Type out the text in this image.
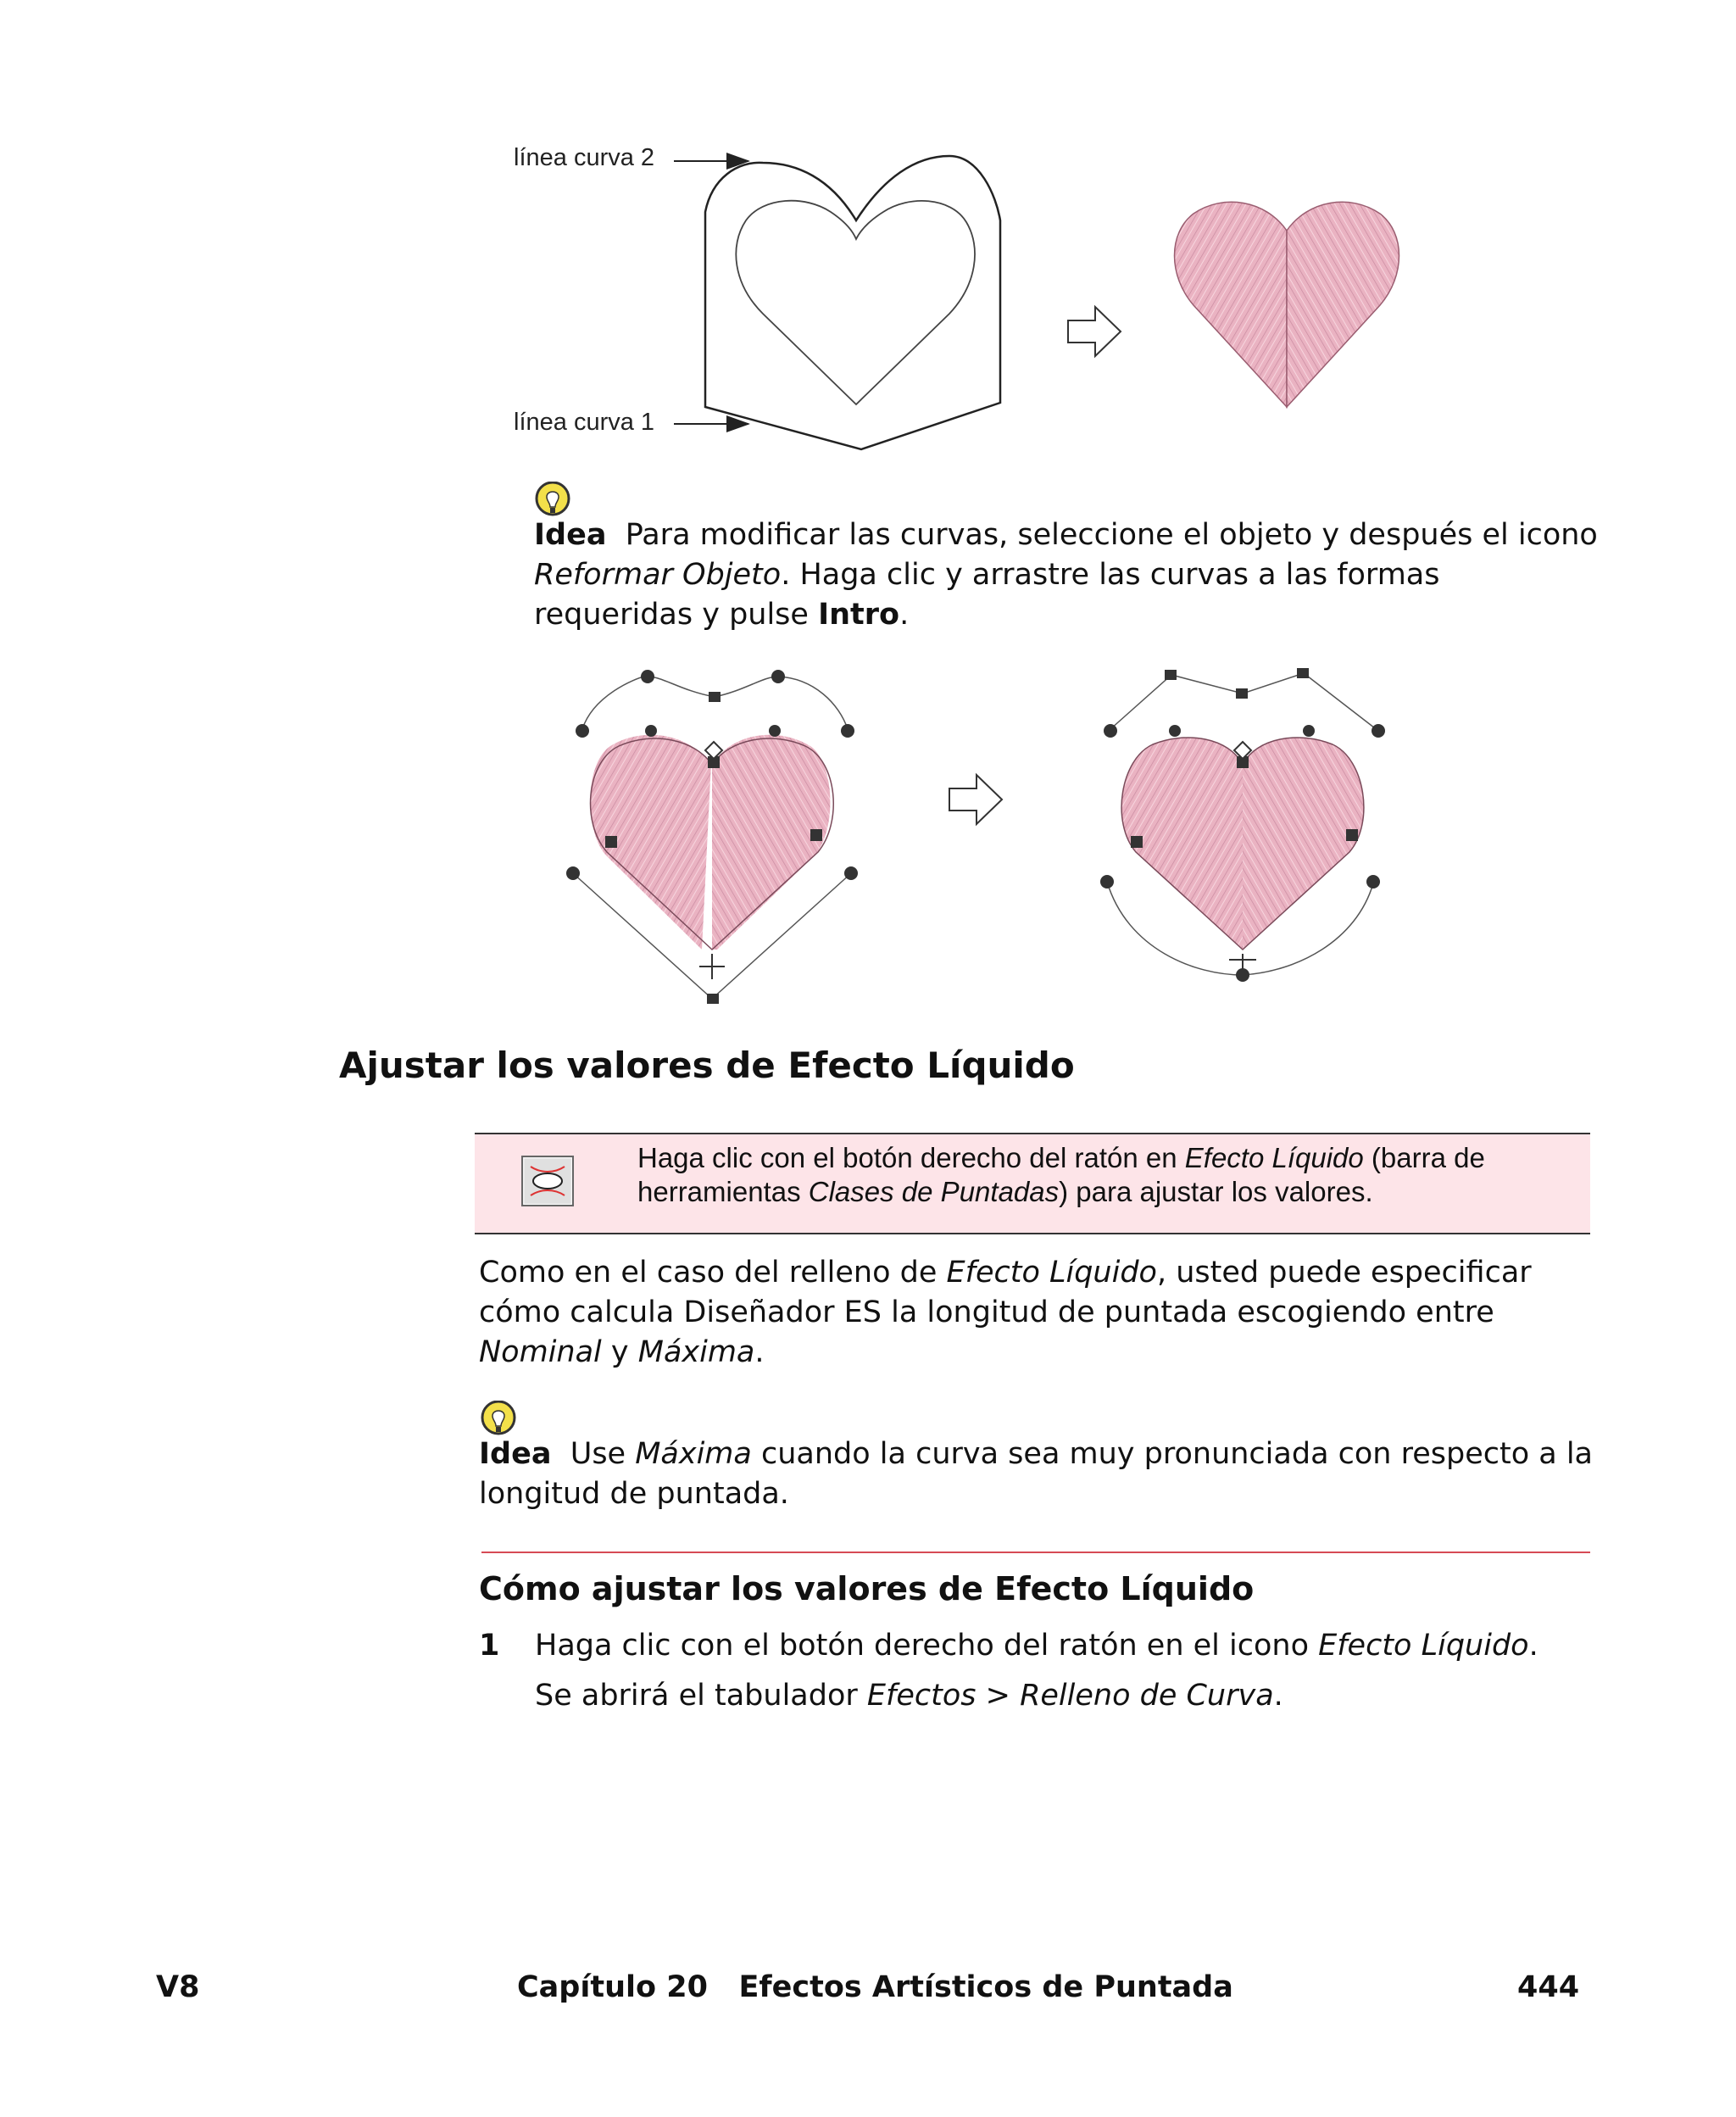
línea curva 2
línea curva 1
Idea Para modificar las curvas, seleccione el objeto y después el icono
Reformar Objeto. Haga clic y arrastre las curvas a las formas
requeridas y pulse Intro.
Ajustar los valores de Efecto Líquido
Haga clic con el botón derecho del ratón en Efecto Líquido (barra de
herramientas Clases de Puntadas) para ajustar los valores.
Como en el caso del relleno de Efecto Líquido, usted puede especificar
cómo calcula Diseñador ES la longitud de puntada escogiendo entre
Nominal y Máxima.
Idea Use Máxima cuando la curva sea muy pronunciada con respecto a la
longitud de puntada.
Cómo ajustar los valores de Efecto Líquido
1 Haga clic con el botón derecho del ratón en el icono Efecto Líquido.
Se abrirá el tabulador Efectos > Relleno de Curva.
V8	Capítulo 20   Efectos Artísticos de Puntada	444
